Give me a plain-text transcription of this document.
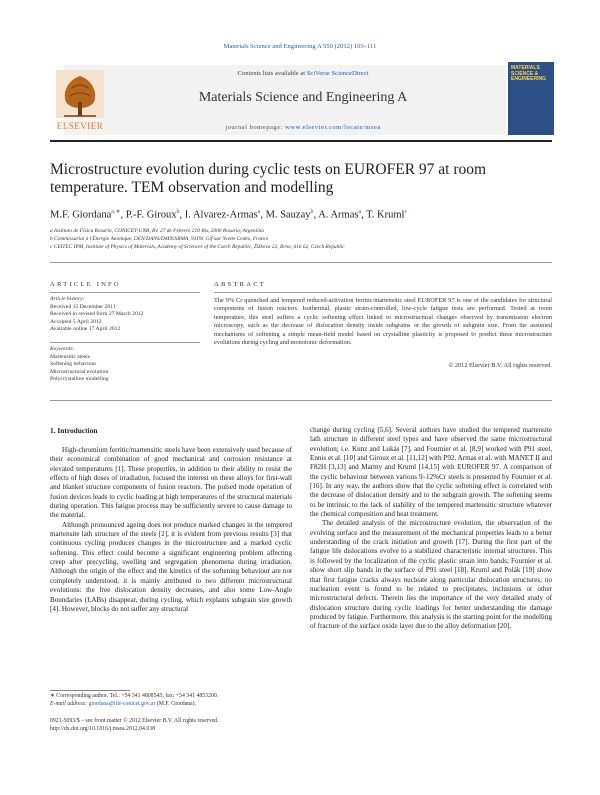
Materials Science and Engineering A 550 (2012) 103–111
ELSEVIER
Contents lists available at SciVerse ScienceDirect
Materials Science and Engineering A
journal homepage: www.elsevier.com/locate/msea
MATERIALS SCIENCE & ENGINEERING
Microstructure evolution during cyclic tests on EUROFER 97 at room temperature. TEM observation and modelling
M.F. Giordana$^{a,∗}$, P.-F. Giroux$^b$, I. Alvarez-Armas$^a$, M. Sauzay$^b$, A. Armas$^a$, T. Kruml$^c$
a Instituto de Física Rosario, CONICET-UNR, Bv. 27 de Febrero 210 Bis, 2000 Rosario, Argentina
b Commissariat à l'Énergie Atomique, DEN/DANS/DMN/SRMA, 91191 Gif-sur-Yvette Cedex, France
c CEITEC IPM, Institute of Physics of Materials, Academy of Sciences of the Czech Republic, Žižkova 22, Brno, 616 62, Czech Republic
ARTICLE INFO
Article history:
Received 15 December 2011
Received in revised form 27 March 2012
Accepted 5 April 2012
Available online 17 April 2012
Keywords:
Martensitic steels
Softening behaviour
Microstructural evolution
Polycrystalline modelling
ABSTRACT
The 9% Cr quenched and tempered reduced-activation ferritic/martensitic steel EUROFER 97 is one of the candidates for structural components of fusion reactors. Isothermal, plastic strain-controlled, low-cycle fatigue tests are performed. Tested at room temperature, this steel suffers a cyclic softening effect linked to microstructural changes observed by transmission electron microscopy, such as the decrease of dislocation density inside subgrains or the growth of subgrain size. From the assumed mechanisms of softening a simple mean-field model based on crystalline plasticity is proposed to predict these microstructure evolutions during cycling and monotonic deformation.
© 2012 Elsevier B.V. All rights reserved.
1. Introduction

High-chromium ferritic/martensitic steels have been extensively used because of their economical combination of good mechanical and corrosion resistance at elevated temperatures [1]. These properties, in addition to their ability to resist the effects of high doses of irradiation, focused the interest on these alloys for first-wall and blanket structure components of fusion reactors. The pulsed mode operation of fusion devices leads to cyclic loading at high temperatures of the structural materials during operation. This fatigue process may be sufficiently severe to cause damage to the material.

Although pronounced ageing does not produce marked changes in the tempered martensite lath structure of the steels [2], it is evident from previous results [3] that continuous cycling produces changes in the microstructure and a marked cyclic softening. This effect could become a significant engineering problem affecting creep after precycling, swelling and segregation phenomena during irradiation. Although the origin of the effect and the kinetics of the softening behaviour are not completely understood, it is mainly attributed to two different microstructural evolutions: the free dislocation density decreases, and also some Low-Angle Boundaries (LABs) disappear, during cycling, which explains subgrain size growth [4]. However, blocks do not suffer any structural

change during cycling [5,6]. Several authors have studied the tempered martensite lath structure in different steel types and have observed the same microstructural evolution; i.e. Kunz and Lukás [7], and Fournier et al. [8,9] worked with P91 steel, Ennis et al. [10] and Giroux et al. [11,12] with P92, Armas et al. with MANET II and F82H [3,13] and Marmy and Kruml [14,15] with EUROFER 97. A comparison of the cyclic behaviour between various 9–12%Cr steels is presented by Fournier et al. [16]. In any way, the authors show that the cyclic softening effect is correlated with the decrease of dislocation density and to the subgrain growth. The softening seems to be intrinsic to the lack of stability of the tempered martensitic structure whatever the chemical composition and heat treatment.

The detailed analysis of the microstructure evolution, the observation of the evolving surface and the measurement of the mechanical properties leads to a better understanding of the crack initiation and growth [17]. During the first part of the fatigue life dislocations evolve to a stabilized characteristic internal structures. This is followed by the localization of the cyclic plastic strain into bands; Fournier et al. show short slip bands in the surface of P91 steel [18]. Kruml and Polák [19] show that first fatigue cracks always nucleate along particular dislocation structures; no nucleation event is found to be related to precipitates, inclusions or other microstructural defects. Therein lies the importance of the very detailed study of dislocation structure during cyclic loadings for better understanding the damage produced by fatigue. Furthermore, this analysis is the starting point for the modelling of fracture of the surface oxide layer due to the alloy deformation [20].

∗ Corresponding author. Tel.: +54 341 4808545; fax: +54 341 4853200.
E-mail address: giordana@ifir-conicet.gov.ar (M.F. Giordana).
0921-5093/$ – see front matter © 2012 Elsevier B.V. All rights reserved.
http://dx.doi.org/10.1016/j.msea.2012.04.038
